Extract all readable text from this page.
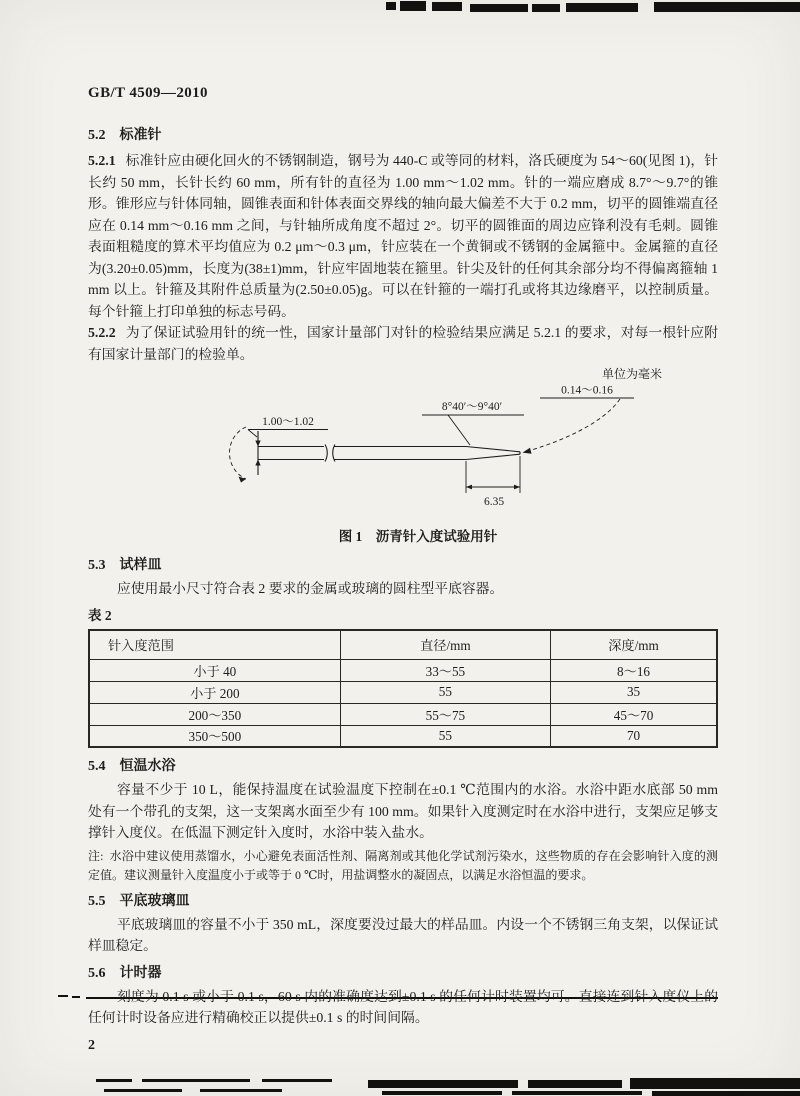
GB/T 4509—2010
5.2 标准针

5.2.1 标准针应由硬化回火的不锈钢制造，钢号为 440-C 或等同的材料，洛氏硬度为 54～60(见图 1)，针长约 50 mm，长针长约 60 mm，所有针的直径为 1.00 mm～1.02 mm。针的一端应磨成 8.7°～9.7°的锥形。锥形应与针体同轴，圆锥表面和针体表面交界线的轴向最大偏差不大于 0.2 mm，切平的圆锥端直径应在 0.14 mm～0.16 mm 之间，与针轴所成角度不超过 2°。切平的圆锥面的周边应锋利没有毛刺。圆锥表面粗糙度的算术平均值应为 0.2 μm～0.3 μm，针应装在一个黄铜或不锈钢的金属箍中。金属箍的直径为(3.20±0.05)mm，长度为(38±1)mm，针应牢固地装在箍里。针尖及针的任何其余部分均不得偏离箍轴 1 mm 以上。针箍及其附件总质量为(2.50±0.05)g。可以在针箍的一端打孔或将其边缘磨平，以控制质量。每个针箍上打印单独的标志号码。

5.2.2 为了保证试验用针的统一性，国家计量部门对针的检验结果应满足 5.2.1 的要求，对每一根针应附有国家计量部门的检验单。

单位为毫米
1.00～1.02
8°40′～9°40′
0.14～0.16
6.35
图 1　沥青针入度试验用针
5.3 试样皿

应使用最小尺寸符合表 2 要求的金属或玻璃的圆柱型平底容器。

表 2
针入度范围	直径/mm	深度/mm
小于 40	33～55	8～16
小于 200	55	35
200～350	55～75	45～70
350～500	55	70
5.4 恒温水浴

容量不少于 10 L，能保持温度在试验温度下控制在±0.1 ℃范围内的水浴。水浴中距水底部 50 mm 处有一个带孔的支架，这一支架离水面至少有 100 mm。如果针入度测定时在水浴中进行，支架应足够支撑针入度仪。在低温下测定针入度时，水浴中装入盐水。

注: 水浴中建议使用蒸馏水，小心避免表面活性剂、隔离剂或其他化学试剂污染水，这些物质的存在会影响针入度的测定值。建议测量针入度温度小于或等于 0 ℃时，用盐调整水的凝固点，以满足水浴恒温的要求。

5.5 平底玻璃皿

平底玻璃皿的容量不小于 350 mL，深度要没过最大的样品皿。内设一个不锈钢三角支架，以保证试样皿稳定。

5.6 计时器

刻度为 0.1 s 或小于 0.1 s，60 s 内的准确度达到±0.1 s 的任何计时装置均可。直接连到针入度仪上的任何计时设备应进行精确校正以提供±0.1 s 的时间间隔。

2
